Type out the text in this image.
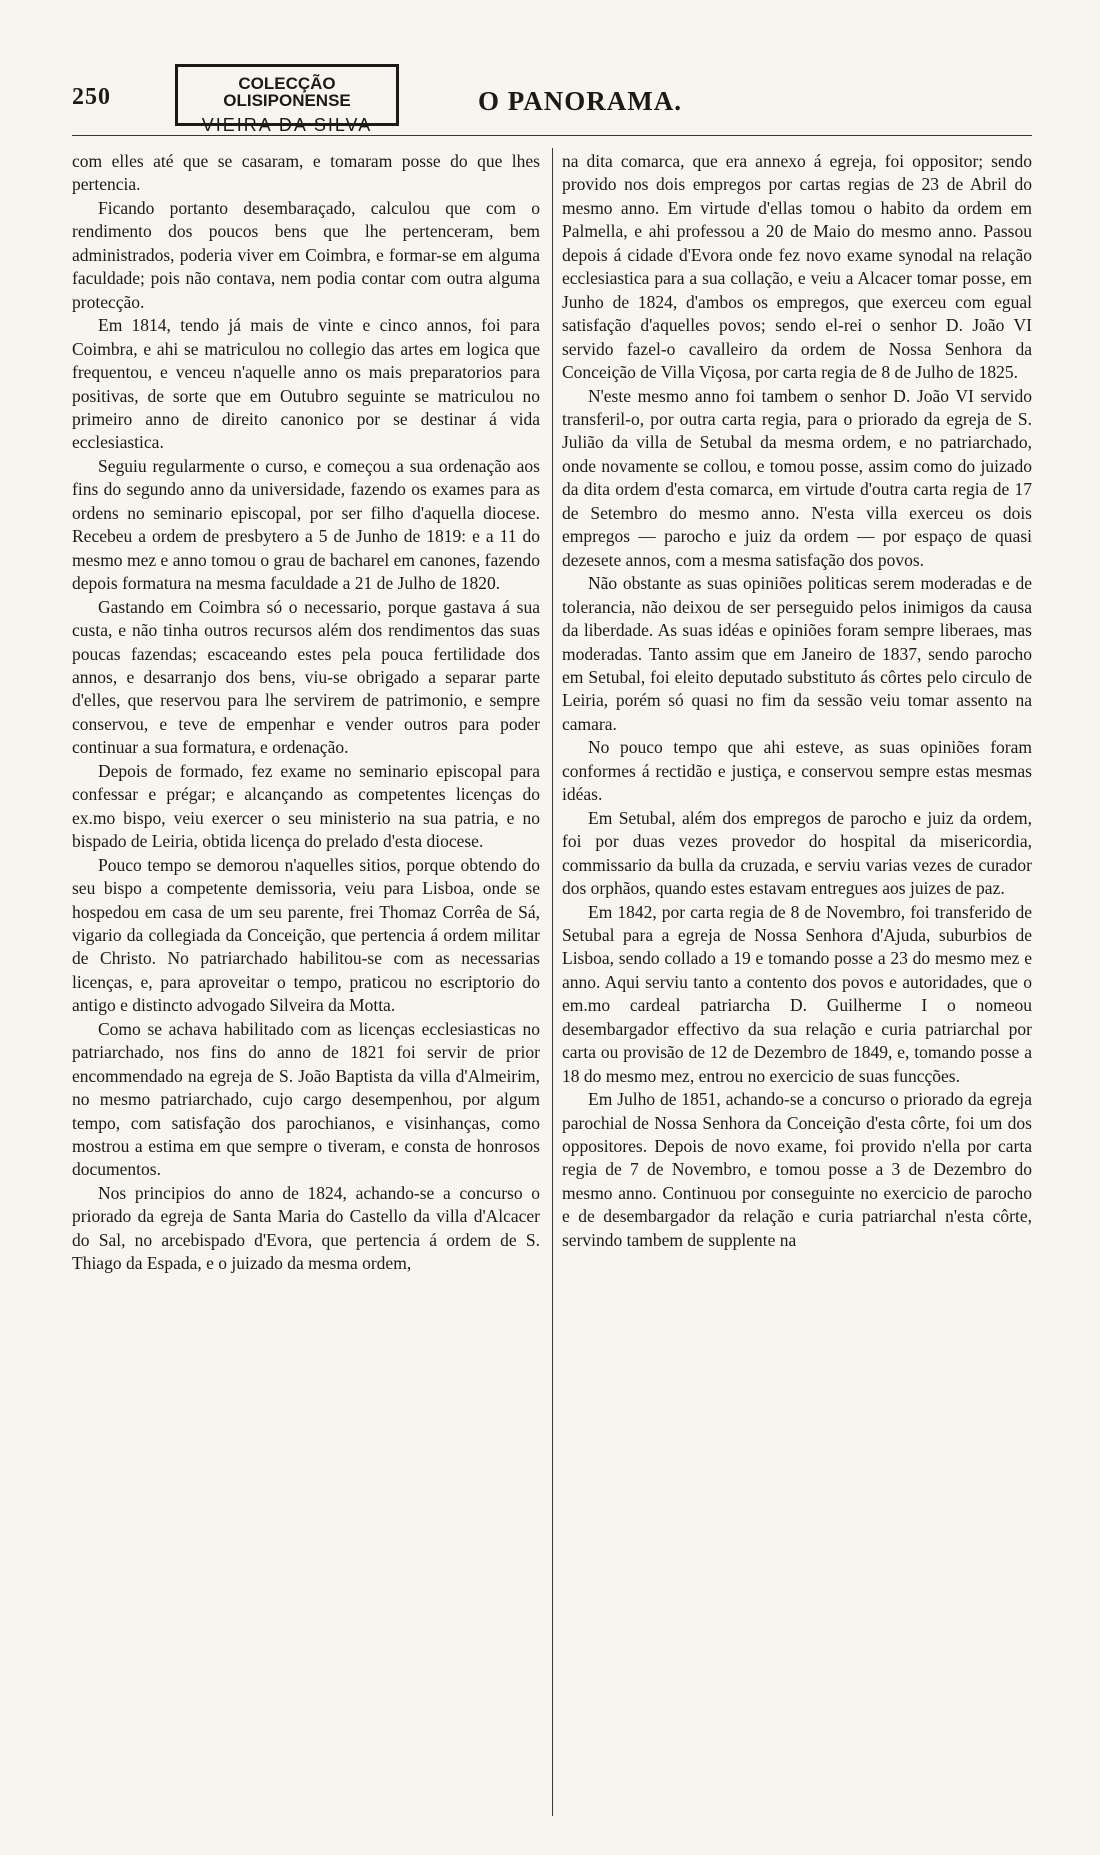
250
COLECÇÃO OLISIPONENSE
VIEIRA DA SILVA
O PANORAMA.

com elles até que se casaram, e tomaram posse do que lhes pertencia.

Ficando portanto desembaraçado, calculou que com o rendimento dos poucos bens que lhe pertenceram, bem administrados, poderia viver em Coimbra, e formar-se em alguma faculdade; pois não contava, nem podia contar com outra alguma protecção.

Em 1814, tendo já mais de vinte e cinco annos, foi para Coimbra, e ahi se matriculou no collegio das artes em logica que frequentou, e venceu n'aquelle anno os mais preparatorios para positivas, de sorte que em Outubro seguinte se matriculou no primeiro anno de direito canonico por se destinar á vida ecclesiastica.

Seguiu regularmente o curso, e começou a sua ordenação aos fins do segundo anno da universidade, fazendo os exames para as ordens no seminario episcopal, por ser filho d'aquella diocese. Recebeu a ordem de presbytero a 5 de Junho de 1819: e a 11 do mesmo mez e anno tomou o grau de bacharel em canones, fazendo depois formatura na mesma faculdade a 21 de Julho de 1820.

Gastando em Coimbra só o necessario, porque gastava á sua custa, e não tinha outros recursos além dos rendimentos das suas poucas fazendas; escaceando estes pela pouca fertilidade dos annos, e desarranjo dos bens, viu-se obrigado a separar parte d'elles, que reservou para lhe servirem de patrimonio, e sempre conservou, e teve de empenhar e vender outros para poder continuar a sua formatura, e ordenação.

Depois de formado, fez exame no seminario episcopal para confessar e prégar; e alcançando as competentes licenças do ex.mo bispo, veiu exercer o seu ministerio na sua patria, e no bispado de Leiria, obtida licença do prelado d'esta diocese.

Pouco tempo se demorou n'aquelles sitios, porque obtendo do seu bispo a competente demissoria, veiu para Lisboa, onde se hospedou em casa de um seu parente, frei Thomaz Corrêa de Sá, vigario da collegiada da Conceição, que pertencia á ordem militar de Christo. No patriarchado habilitou-se com as necessarias licenças, e, para aproveitar o tempo, praticou no escriptorio do antigo e distincto advogado Silveira da Motta.

Como se achava habilitado com as licenças ecclesiasticas no patriarchado, nos fins do anno de 1821 foi servir de prior encommendado na egreja de S. João Baptista da villa d'Almeirim, no mesmo patriarchado, cujo cargo desempenhou, por algum tempo, com satisfação dos parochianos, e visinhanças, como mostrou a estima em que sempre o tiveram, e consta de honrosos documentos.

Nos principios do anno de 1824, achando-se a concurso o priorado da egreja de Santa Maria do Castello da villa d'Alcacer do Sal, no arcebispado d'Evora, que pertencia á ordem de S. Thiago da Espada, e o juizado da mesma ordem,

na dita comarca, que era annexo á egreja, foi oppositor; sendo provido nos dois empregos por cartas regias de 23 de Abril do mesmo anno. Em virtude d'ellas tomou o habito da ordem em Palmella, e ahi professou a 20 de Maio do mesmo anno. Passou depois á cidade d'Evora onde fez novo exame synodal na relação ecclesiastica para a sua collação, e veiu a Alcacer tomar posse, em Junho de 1824, d'ambos os empregos, que exerceu com egual satisfação d'aquelles povos; sendo el-rei o senhor D. João VI servido fazel-o cavalleiro da ordem de Nossa Senhora da Conceição de Villa Viçosa, por carta regia de 8 de Julho de 1825.

N'este mesmo anno foi tambem o senhor D. João VI servido transferil-o, por outra carta regia, para o priorado da egreja de S. Julião da villa de Setubal da mesma ordem, e no patriarchado, onde novamente se collou, e tomou posse, assim como do juizado da dita ordem d'esta comarca, em virtude d'outra carta regia de 17 de Setembro do mesmo anno. N'esta villa exerceu os dois empregos — parocho e juiz da ordem — por espaço de quasi dezesete annos, com a mesma satisfação dos povos.

Não obstante as suas opiniões politicas serem moderadas e de tolerancia, não deixou de ser perseguido pelos inimigos da causa da liberdade. As suas idéas e opiniões foram sempre liberaes, mas moderadas. Tanto assim que em Janeiro de 1837, sendo parocho em Setubal, foi eleito deputado substituto ás côrtes pelo circulo de Leiria, porém só quasi no fim da sessão veiu tomar assento na camara.

No pouco tempo que ahi esteve, as suas opiniões foram conformes á rectidão e justiça, e conservou sempre estas mesmas idéas.

Em Setubal, além dos empregos de parocho e juiz da ordem, foi por duas vezes provedor do hospital da misericordia, commissario da bulla da cruzada, e serviu varias vezes de curador dos orphãos, quando estes estavam entregues aos juizes de paz.

Em 1842, por carta regia de 8 de Novembro, foi transferido de Setubal para a egreja de Nossa Senhora d'Ajuda, suburbios de Lisboa, sendo collado a 19 e tomando posse a 23 do mesmo mez e anno. Aqui serviu tanto a contento dos povos e autoridades, que o em.mo cardeal patriarcha D. Guilherme I o nomeou desembargador effectivo da sua relação e curia patriarchal por carta ou provisão de 12 de Dezembro de 1849, e, tomando posse a 18 do mesmo mez, entrou no exercicio de suas funcções.

Em Julho de 1851, achando-se a concurso o priorado da egreja parochial de Nossa Senhora da Conceição d'esta côrte, foi um dos oppositores. Depois de novo exame, foi provido n'ella por carta regia de 7 de Novembro, e tomou posse a 3 de Dezembro do mesmo anno. Continuou por conseguinte no exercicio de parocho e de desembargador da relação e curia patriarchal n'esta côrte, servindo tambem de supplente na
